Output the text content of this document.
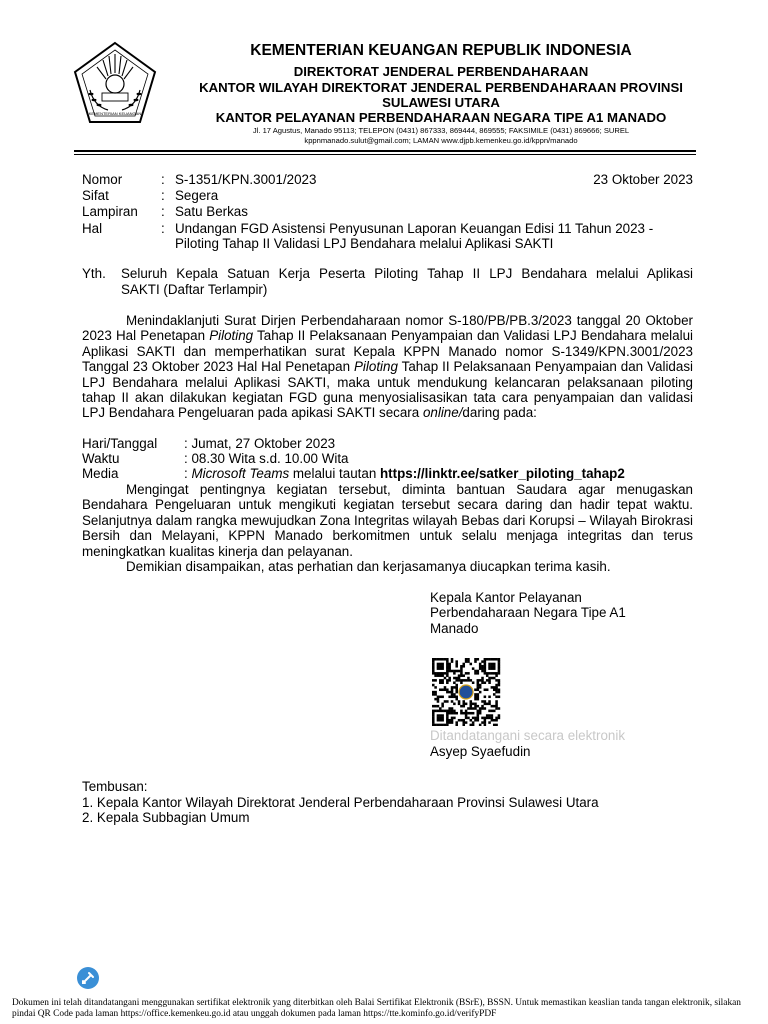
KEMENTERIAN KEUANGAN
KEMENTERIAN KEUANGAN REPUBLIK INDONESIA
DIREKTORAT JENDERAL PERBENDAHARAAN
KANTOR WILAYAH DIREKTORAT JENDERAL PERBENDAHARAAN PROVINSI
SULAWESI UTARA
KANTOR PELAYANAN PERBENDAHARAAN NEGARA TIPE A1 MANADO
Jl. 17 Agustus, Manado 95113; TELEPON (0431) 867333, 869444, 869555; FAKSIMILE (0431) 869666; SUREL
kppnmanado.sulut@gmail.com; LAMAN www.djpb.kemenkeu.go.id/kppn/manado
Nomor	: S-1351/KPN.3001/2023	23 Oktober 2023
Sifat	: Segera
Lampiran : Satu Berkas
Hal	: Undangan FGD Asistensi Penyusunan Laporan Keuangan Edisi 11 Tahun 2023 -
Piloting Tahap II Validasi LPJ Bendahara melalui Aplikasi SAKTI
Yth. Seluruh Kepala Satuan Kerja Peserta Piloting Tahap II LPJ Bendahara melalui Aplikasi
SAKTI (Daftar Terlampir)

Menindaklanjuti Surat Dirjen Perbendaharaan nomor S-180/PB/PB.3/2023 tanggal 20 Oktober 2023 Hal Penetapan Piloting Tahap II Pelaksanaan Penyampaian dan Validasi LPJ Bendahara melalui Aplikasi SAKTI dan memperhatikan surat Kepala KPPN Manado nomor S-1349/KPN.3001/2023 Tanggal 23 Oktober 2023 Hal Hal Penetapan Piloting Tahap II Pelaksanaan Penyampaian dan Validasi LPJ Bendahara melalui Aplikasi SAKTI, maka untuk mendukung kelancaran pelaksanaan piloting tahap II akan dilakukan kegiatan FGD guna menyosialisasikan tata cara penyampaian dan validasi LPJ Bendahara Pengeluaran pada apikasi SAKTI secara online/daring pada:

Hari/Tanggal : Jumat, 27 Oktober 2023
Waktu	: 08.30 Wita s.d. 10.00 Wita
Media	: Microsoft Teams melalui tautan https://linktr.ee/satker_piloting_tahap2

Mengingat pentingnya kegiatan tersebut, diminta bantuan Saudara agar menugaskan Bendahara Pengeluaran untuk mengikuti kegiatan tersebut secara daring dan hadir tepat waktu. Selanjutnya dalam rangka mewujudkan Zona Integritas wilayah Bebas dari Korupsi – Wilayah Birokrasi Bersih dan Melayani, KPPN Manado berkomitmen untuk selalu menjaga integritas dan terus meningkatkan kualitas kinerja dan pelayanan.

Demikian disampaikan, atas perhatian dan kerjasamanya diucapkan terima kasih.

Kepala Kantor Pelayanan
Perbendaharaan Negara Tipe A1
Manado
Ditandatangani secara elektronik
Asyep Syaefudin
Tembusan:
1. Kepala Kantor Wilayah Direktorat Jenderal Perbendaharaan Provinsi Sulawesi Utara
2. Kepala Subbagian Umum
Dokumen ini telah ditandatangani menggunakan sertifikat elektronik yang diterbitkan oleh Balai Sertifikat Elektronik (BSrE), BSSN. Untuk memastikan keaslian tanda tangan elektronik, silakan pindai QR Code pada laman https://office.kemenkeu.go.id atau unggah dokumen pada laman https://tte.kominfo.go.id/verifyPDF
